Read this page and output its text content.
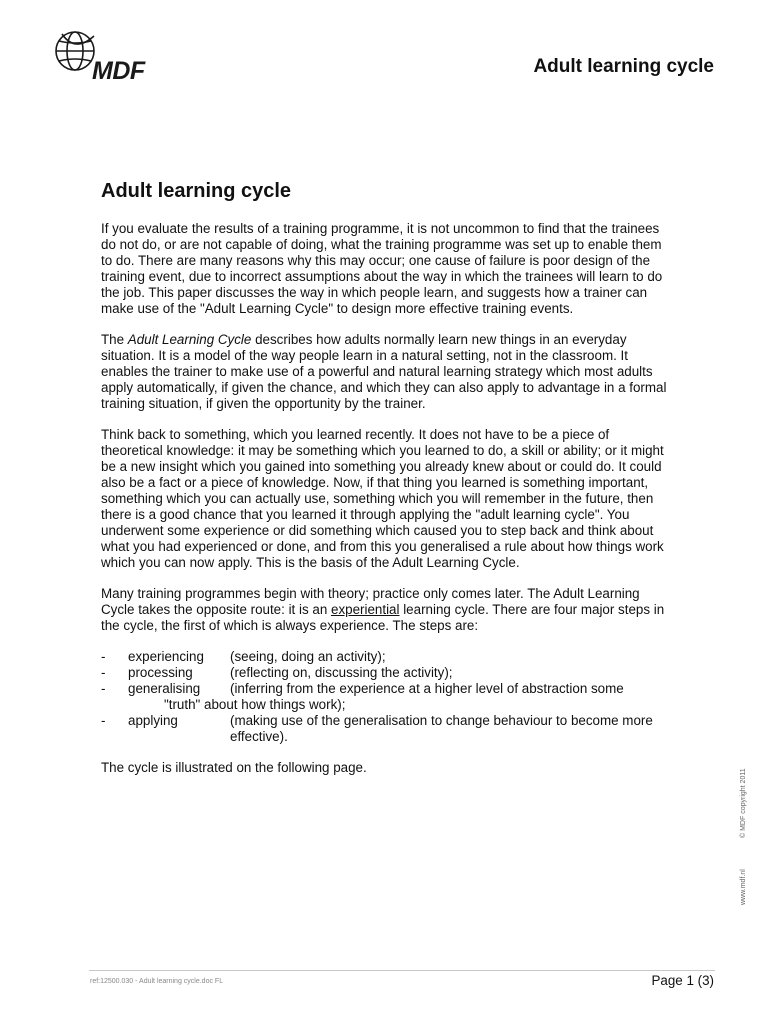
MDF	Adult learning cycle
Adult learning cycle

If you evaluate the results of a training programme, it is not uncommon to find that the trainees do not do, or are not capable of doing, what the training programme was set up to enable them to do. There are many reasons why this may occur; one cause of failure is poor design of the training event, due to incorrect assumptions about the way in which the trainees will learn to do the job. This paper discusses the way in which people learn, and suggests how a trainer can make use of the "Adult Learning Cycle" to design more effective training events.

The Adult Learning Cycle describes how adults normally learn new things in an everyday situation. It is a model of the way people learn in a natural setting, not in the classroom. It enables the trainer to make use of a powerful and natural learning strategy which most adults apply automatically, if given the chance, and which they can also apply to advantage in a formal training situation, if given the opportunity by the trainer.

Think back to something, which you learned recently. It does not have to be a piece of theoretical knowledge: it may be something which you learned to do, a skill or ability; or it might be a new insight which you gained into something you already knew about or could do. It could also be a fact or a piece of knowledge. Now, if that thing you learned is something important, something which you can actually use, something which you will remember in the future, then there is a good chance that you learned it through applying the "adult learning cycle". You underwent some experience or did something which caused you to step back and think about what you had experienced or done, and from this you generalised a rule about how things work which you can now apply. This is the basis of the Adult Learning Cycle.

Many training programmes begin with theory; practice only comes later. The Adult Learning Cycle takes the opposite route: it is an experiential learning cycle. There are four major steps in the cycle, the first of which is always experience. The steps are:

-	experiencing	(seeing, doing an activity);
-	processing	(reflecting on, discussing the activity);
-	generalising	(inferring from the experience at a higher level of abstraction some
"truth" about how things work);
-	applying	(making use of the generalisation to change behaviour to become more effective).

The cycle is illustrated on the following page.

© MDF copyright 2011
www.mdf.nl
ref:12500.030 - Adult learning cycle.doc FL	Page 1 (3)
